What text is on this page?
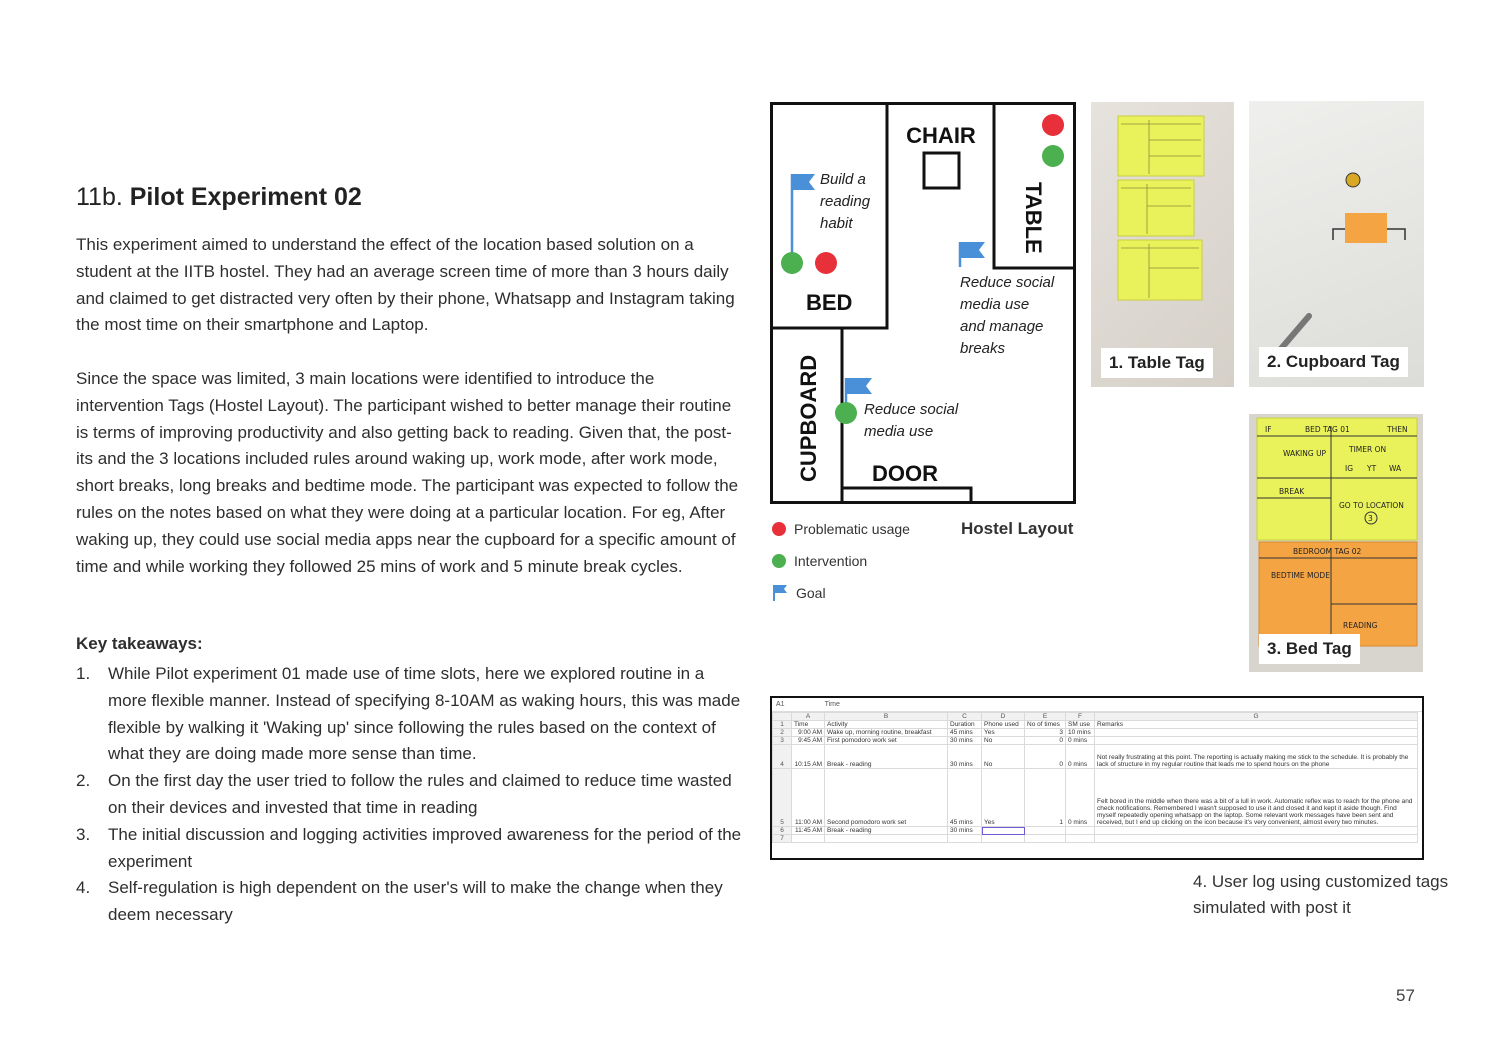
11b. Pilot Experiment 02
This experiment aimed to understand the effect of the location based solution on a student at the IITB hostel. They had an average screen time of more than 3 hours daily and claimed to get distracted very often by their phone, Whatsapp and Instagram taking the most time on their smartphone and Laptop.
Since the space was limited, 3 main locations were identified to introduce the intervention Tags (Hostel Layout). The participant wished to better manage their routine is terms of improving productivity and also getting back to reading. Given that, the post-its and the 3 locations included rules around waking up, work mode, after work mode, short breaks, long breaks and bedtime mode. The participant was expected to follow the rules on the notes based on what they were doing at a particular location. For eg, After waking up, they could use social media apps near the cupboard for a specific amount of time and while working they followed 25 mins of work and 5 minute break cycles.
Key takeaways:
1. While Pilot experiment 01 made use of time slots, here we explored routine in a more flexible manner. Instead of specifying 8-10AM as waking hours, this was made flexible by walking it 'Waking up' since following the rules based on the context of what they are doing made more sense than time.
2. On the first day the user tried to follow the rules and claimed to reduce time wasted on their devices and invested that time in reading
3. The initial discussion and logging activities improved awareness for the period of the experiment
4. Self-regulation is high dependent on the user's will to make the change when they deem necessary
CHAIR
TABLE
BED
CUPBOARD DOOR
Build a reading habit
Reduce social media use and manage breaks
Reduce social media use
Problematic usage
Intervention
Goal
Hostel Layout
1. Table Tag	2. Cupboard Tag
IF	BED TAG 01	THEN
WAKING UP	TIMER ON
IG YT WA
BREAK
GO TO LOCATION
3
BEDROOM TAG 02
BEDTIME MODE
READING
3. Bed Tag
A1	Time
	A	B	C	D	E	F	G
1	Time	Activity	Duration	Phone used	No of times	SM use	Remarks
2	9:00 AM	Wake up, morning routine, breakfast	45 mins	Yes	3	10 mins	
3	9:45 AM	First pomodoro work set	30 mins	No	0	0 mins	
4	10:15 AM	Break - reading	30 mins	No	0	0 mins	Not really frustrating at this point. The reporting is actually making me stick to the schedule. It is probably the lack of structure in my regular routine that leads me to spend hours on the phone
5	11:00 AM	Second pomodoro work set	45 mins	Yes	1	0 mins	Felt bored in the middle when there was a bit of a lull in work. Automatic reflex was to reach for the phone and check notifications. Remembered I wasn't supposed to use it and closed it and kept it aside though. Find myself repeatedly opening whatsapp on the laptop. Some relevant work messages have been sent and received, but I end up clicking on the icon because it's very convenient, almost every two minutes.
6	11:45 AM	Break - reading	30 mins				
7							
4. User log using customized tags simulated with post it
57
